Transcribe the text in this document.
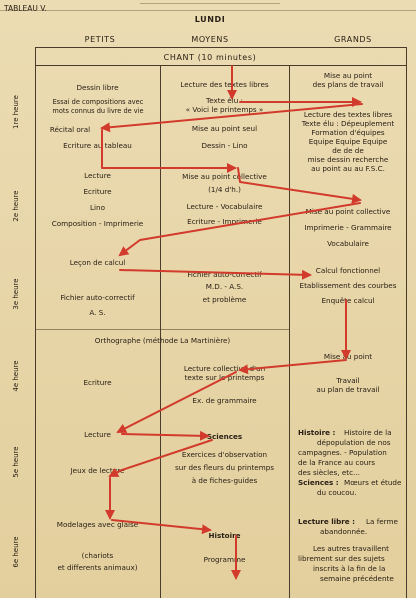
TABLEAU V.
LUNDI
PETITS	MOYENS	GRANDS
CHANT (10 minutes)
1re heure
2e heure
3e heure
4e heure
5e heure
6e heure
Dessin libre
Essai de compositions avec
mots connus du livre de vie
Récital oral
Ecriture au tableau
Lecture des textes libres
Texte élu :
« Voici le printemps »
Mise au point seul
Dessin - Lino
Mise au point
des plans de travail
Lecture des textes libres
Texte élu : Dépeuplement
Formation d'équipes
Equipe Equipe Equipe
de de de
mise dessin recherche
au point au au F.S.C.
Lecture
Ecriture
Lino
Composition - Imprimerie
Mise au point collective
(1/4 d'h.)
Lecture - Vocabulaire
Ecriture - Imprimerie
Mise au point collective
Imprimerie - Grammaire
Vocabulaire
Leçon de calcul
Fichier auto-correctif
A. S.
Fichier auto-correctif
M.D. - A.S.
et problème
Calcul fonctionnel
Etablissement des courbes
Enquête calcul
Orthographe (méthode La Martinière)
Ecriture
Lecture collective d'un
texte sur le printemps
Ex. de grammaire
Mise au point
Travail
au plan de travail
Lecture
Jeux de lecture
Sciences
Exercices d'observation
sur des fleurs du printemps
à de fiches-guides
Histoire : Histoire de la
dépopulation de nos
campagnes. - Population
de la France au cours
des siècles, etc...
Sciences : Mœurs et étude
du coucou.
Modelages avec glaise
(chariots
et differents animaux)
Histoire
Programme
Lecture libre : La ferme
abandonnée.
Les autres travaillent
librement sur des sujets
inscrits à la fin de la
semaine précédente
